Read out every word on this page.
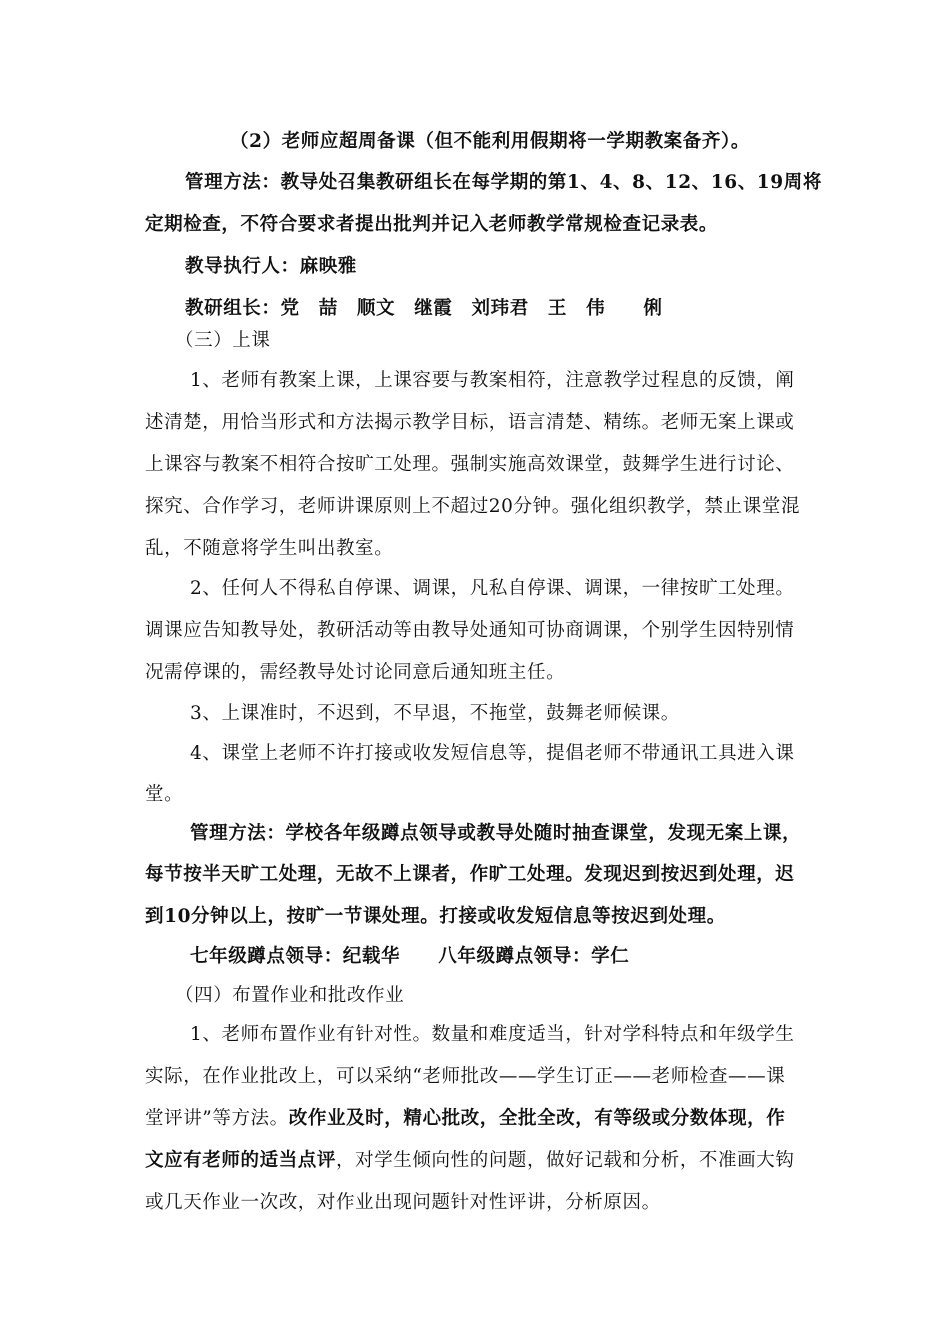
（2）老师应超周备课（但不能利用假期将一学期教案备齐）。
管理方法：教导处召集教研组长在每学期的第1、4、8、12、16、19周将
定期检查，不符合要求者提出批判并记入老师教学常规检查记录表。
教导执行人：麻映雅
教研组长：党　喆　顺文　继霞　刘玮君　王　伟　　俐
（三）上课
1、老师有教案上课，上课容要与教案相符，注意教学过程息的反馈，阐
述清楚，用恰当形式和方法揭示教学目标，语言清楚、精练。老师无案上课或
上课容与教案不相符合按旷工处理。强制实施高效课堂，鼓舞学生进行讨论、
探究、合作学习，老师讲课原则上不超过20分钟。强化组织教学，禁止课堂混
乱，不随意将学生叫出教室。
2、任何人不得私自停课、调课，凡私自停课、调课，一律按旷工处理。
调课应告知教导处，教研活动等由教导处通知可协商调课，个别学生因特别情
况需停课的，需经教导处讨论同意后通知班主任。
3、上课准时，不迟到，不早退，不拖堂，鼓舞老师候课。
4、课堂上老师不许打接或收发短信息等，提倡老师不带通讯工具进入课
堂。
管理方法：学校各年级蹲点领导或教导处随时抽查课堂，发现无案上课，
每节按半天旷工处理，无故不上课者，作旷工处理。发现迟到按迟到处理，迟
到10分钟以上，按旷一节课处理。打接或收发短信息等按迟到处理。
七年级蹲点领导：纪载华　　八年级蹲点领导：学仁
（四）布置作业和批改作业
1、老师布置作业有针对性。数量和难度适当，针对学科特点和年级学生
实际，在作业批改上，可以采纳“老师批改——学生订正——老师检查——课
堂评讲”等方法。改作业及时，精心批改，全批全改，有等级或分数体现，作
文应有老师的适当点评，对学生倾向性的问题，做好记载和分析，不准画大钩
或几天作业一次改，对作业出现问题针对性评讲，分析原因。
